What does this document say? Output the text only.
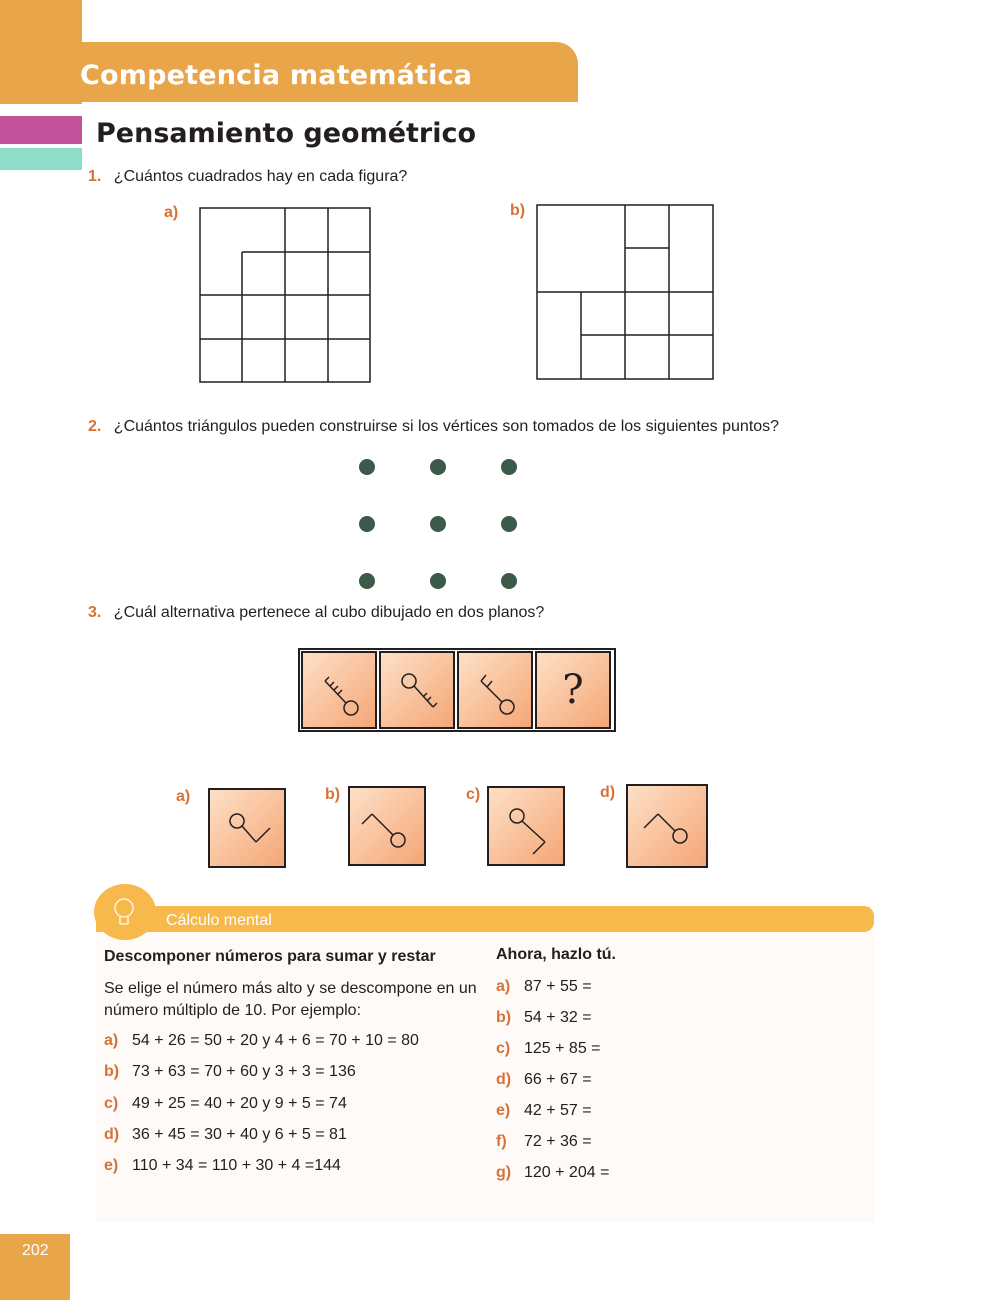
Competencia matemática
Pensamiento geométrico
1. ¿Cuántos cuadrados hay en cada figura?
a)	b)
2. ¿Cuántos triángulos pueden construirse si los vértices son tomados de los siguientes puntos?
3. ¿Cuál alternativa pertenece al cubo dibujado en dos planos?
?
a)	b)	c)	d)
Cálculo mental
Descomponer números para sumar y restar
Se elige el número más alto y se descompone en un número múltiplo de 10. Por ejemplo:
a) 54 + 26 = 50 + 20 y 4 + 6 = 70 + 10 = 80
b) 73 + 63 = 70 + 60 y 3 + 3 = 136
c) 49 + 25 = 40 + 20 y 9 + 5 = 74
d) 36 + 45 = 30 + 40 y 6 + 5 = 81
e) 110 + 34 = 110 + 30 + 4 =144
Ahora, hazlo tú.
a) 87 + 55 =
b) 54 + 32 =
c) 125 + 85 =
d) 66 + 67 =
e) 42 + 57 =
f) 72 + 36 =
g) 120 + 204 =
202
